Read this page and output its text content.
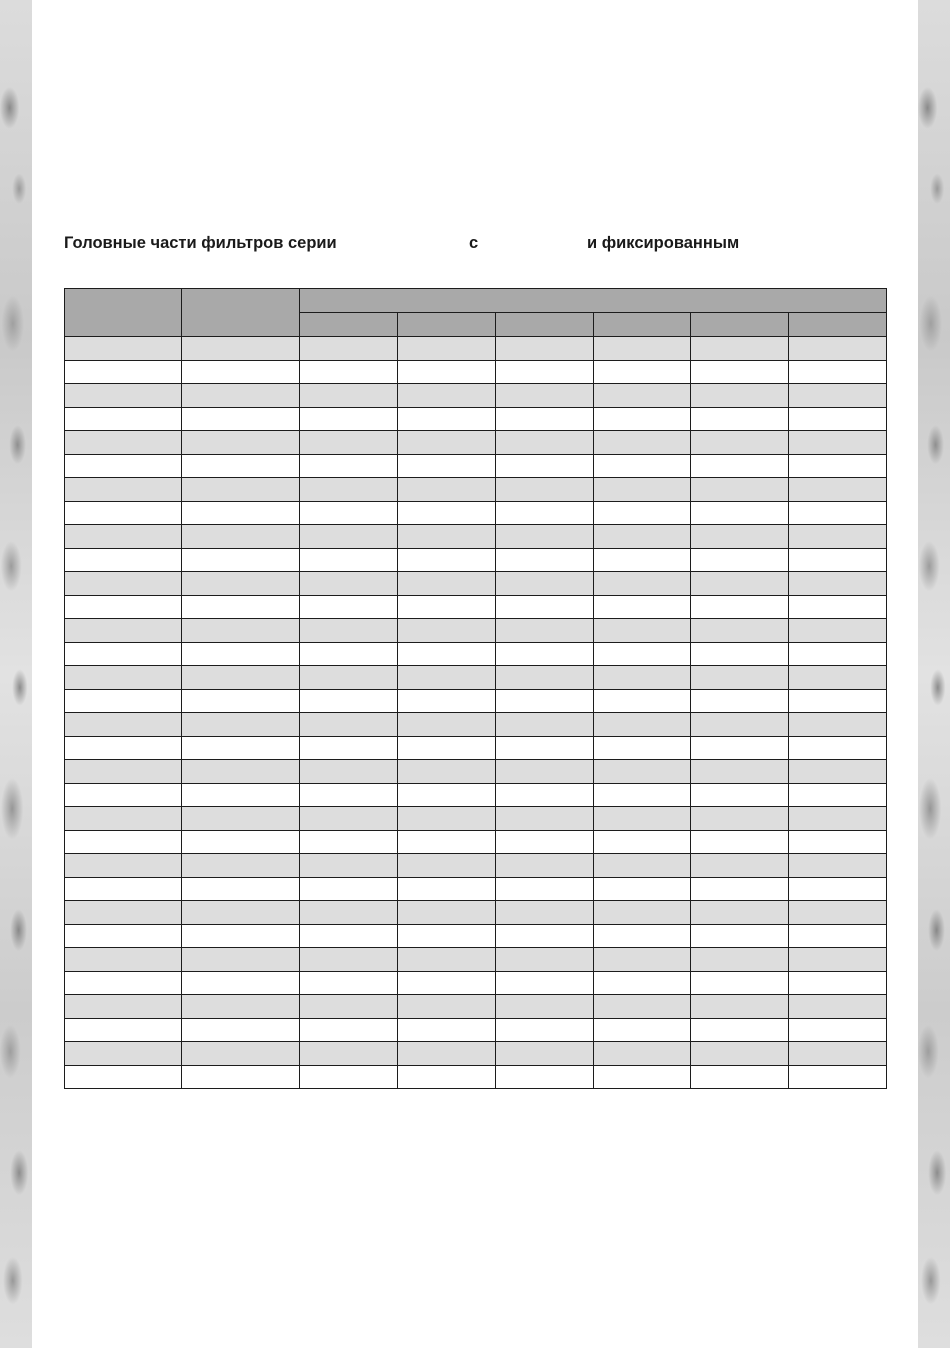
Головные части фильтров серии	с	и фиксированным
